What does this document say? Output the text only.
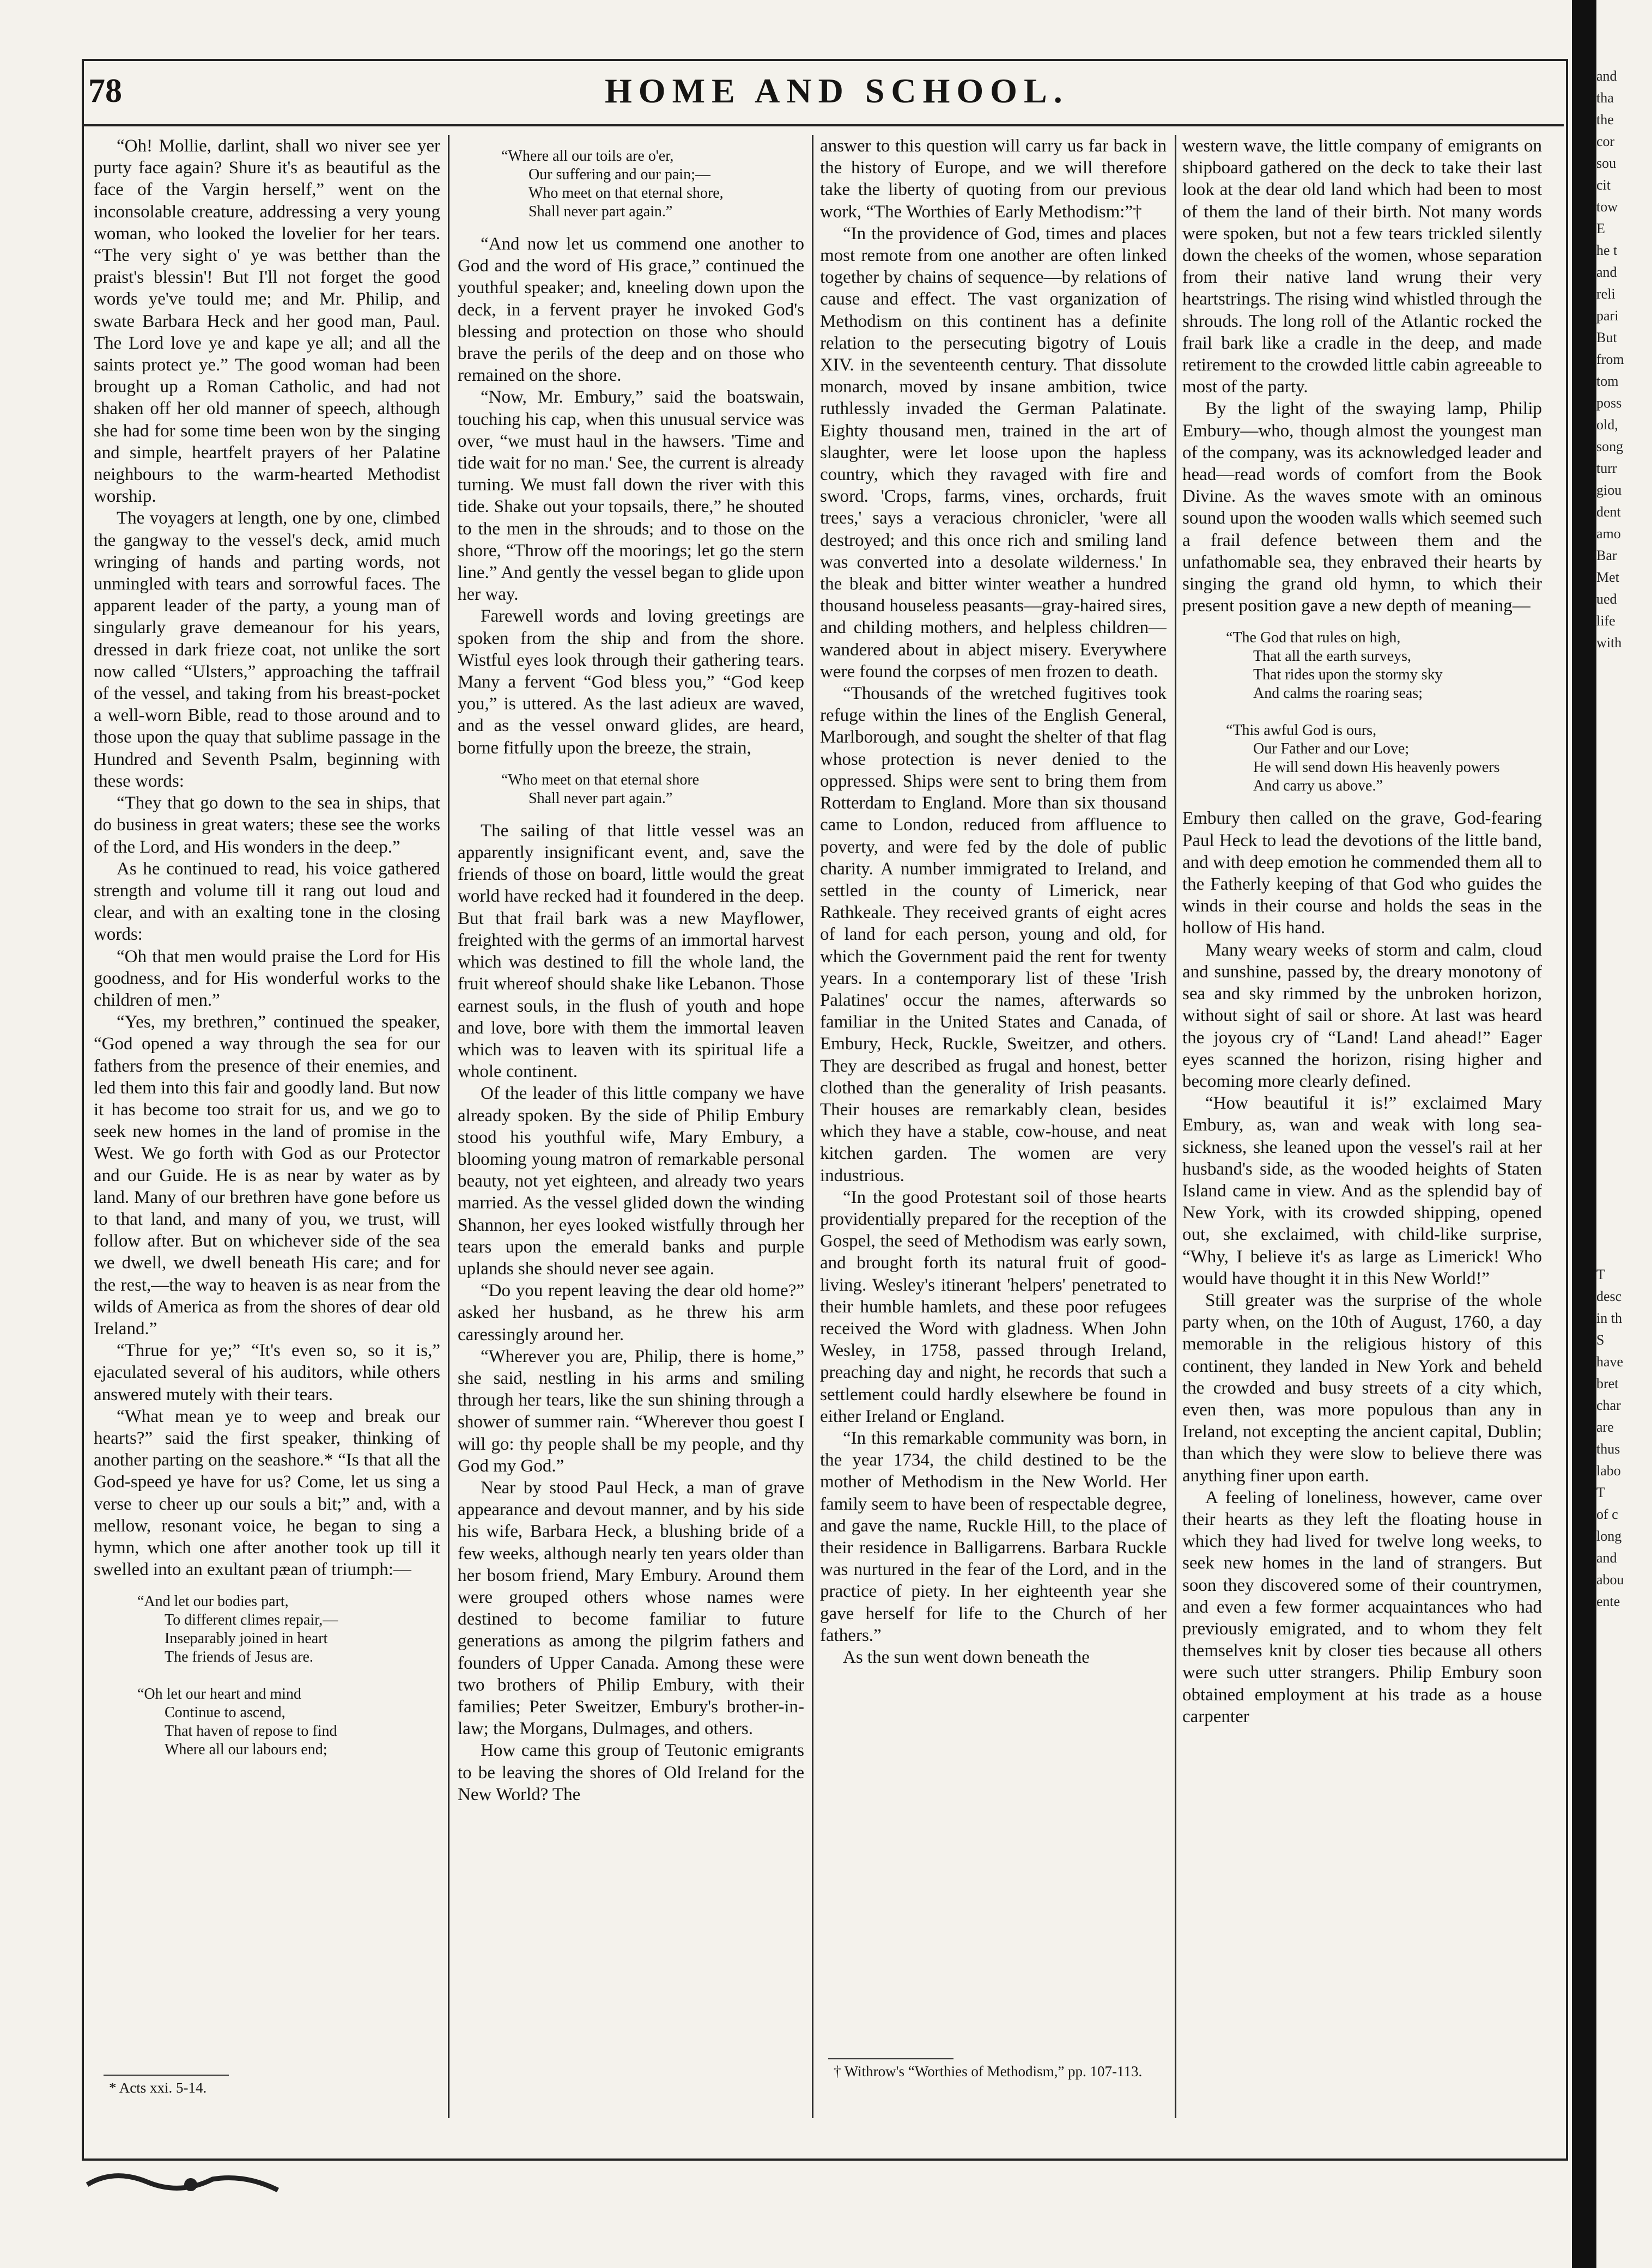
78	HOME AND SCHOOL.

“Oh! Mollie, darlint, shall wo niver see yer purty face again? Shure it's as beautiful as the face of the Vargin herself,” went on the inconsolable creature, addressing a very young woman, who looked the lovelier for her tears. “The very sight o' ye was betther than the praist's blessin'! But I'll not forget the good words ye've tould me; and Mr. Philip, and swate Barbara Heck and her good man, Paul. The Lord love ye and kape ye all; and all the saints protect ye.” The good woman had been brought up a Roman Catholic, and had not shaken off her old manner of speech, although she had for some time been won by the singing and simple, heartfelt prayers of her Palatine neighbours to the warm-hearted Methodist worship.

The voyagers at length, one by one, climbed the gangway to the vessel's deck, amid much wringing of hands and parting words, not unmingled with tears and sorrowful faces. The apparent leader of the party, a young man of singularly grave demeanour for his years, dressed in dark frieze coat, not unlike the sort now called “Ulsters,” approaching the taffrail of the vessel, and taking from his breast-pocket a well-worn Bible, read to those around and to those upon the quay that sublime passage in the Hundred and Seventh Psalm, beginning with these words:

“They that go down to the sea in ships, that do business in great waters; these see the works of the Lord, and His wonders in the deep.”

As he continued to read, his voice gathered strength and volume till it rang out loud and clear, and with an exalting tone in the closing words:

“Oh that men would praise the Lord for His goodness, and for His wonderful works to the children of men.”

“Yes, my brethren,” continued the speaker, “God opened a way through the sea for our fathers from the presence of their enemies, and led them into this fair and goodly land. But now it has become too strait for us, and we go to seek new homes in the land of promise in the West. We go forth with God as our Protector and our Guide. He is as near by water as by land. Many of our brethren have gone before us to that land, and many of you, we trust, will follow after. But on whichever side of the sea we dwell, we dwell beneath His care; and for the rest,—the way to heaven is as near from the wilds of America as from the shores of dear old Ireland.”

“Thrue for ye;” “It's even so, so it is,” ejaculated several of his auditors, while others answered mutely with their tears.

“What mean ye to weep and break our hearts?” said the first speaker, thinking of another parting on the seashore.* “Is that all the God-speed ye have for us? Come, let us sing a verse to cheer up our souls a bit;” and, with a mellow, resonant voice, he began to sing a hymn, which one after another took up till it swelled into an exultant pæan of triumph:—

“And let our bodies part,
To different climes repair,—
Inseparably joined in heart
The friends of Jesus are.

“Oh let our heart and mind
Continue to ascend,
That haven of repose to find
Where all our labours end;
“Where all our toils are o'er,
Our suffering and our pain;—
Who meet on that eternal shore,
Shall never part again.”

“And now let us commend one another to God and the word of His grace,” continued the youthful speaker; and, kneeling down upon the deck, in a fervent prayer he invoked God's blessing and protection on those who should brave the perils of the deep and on those who remained on the shore.

“Now, Mr. Embury,” said the boatswain, touching his cap, when this unusual service was over, “we must haul in the hawsers. 'Time and tide wait for no man.' See, the current is already turning. We must fall down the river with this tide. Shake out your topsails, there,” he shouted to the men in the shrouds; and to those on the shore, “Throw off the moorings; let go the stern line.” And gently the vessel began to glide upon her way.

Farewell words and loving greetings are spoken from the ship and from the shore. Wistful eyes look through their gathering tears. Many a fervent “God bless you,” “God keep you,” is uttered. As the last adieux are waved, and as the vessel onward glides, are heard, borne fitfully upon the breeze, the strain,

“Who meet on that eternal shore
Shall never part again.”

The sailing of that little vessel was an apparently insignificant event, and, save the friends of those on board, little would the great world have recked had it foundered in the deep. But that frail bark was a new Mayflower, freighted with the germs of an immortal harvest which was destined to fill the whole land, the fruit whereof should shake like Lebanon. Those earnest souls, in the flush of youth and hope and love, bore with them the immortal leaven which was to leaven with its spiritual life a whole continent.

Of the leader of this little company we have already spoken. By the side of Philip Embury stood his youthful wife, Mary Embury, a blooming young matron of remarkable personal beauty, not yet eighteen, and already two years married. As the vessel glided down the winding Shannon, her eyes looked wistfully through her tears upon the emerald banks and purple uplands she should never see again.

“Do you repent leaving the dear old home?” asked her husband, as he threw his arm caressingly around her.

“Wherever you are, Philip, there is home,” she said, nestling in his arms and smiling through her tears, like the sun shining through a shower of summer rain. “Wherever thou goest I will go: thy people shall be my people, and thy God my God.”

Near by stood Paul Heck, a man of grave appearance and devout manner, and by his side his wife, Barbara Heck, a blushing bride of a few weeks, although nearly ten years older than her bosom friend, Mary Embury. Around them were grouped others whose names were destined to become familiar to future generations as among the pilgrim fathers and founders of Upper Canada. Among these were two brothers of Philip Embury, with their families; Peter Sweitzer, Embury's brother-in-law; the Morgans, Dulmages, and others.

How came this group of Teutonic emigrants to be leaving the shores of Old Ireland for the New World? The

answer to this question will carry us far back in the history of Europe, and we will therefore take the liberty of quoting from our previous work, “The Worthies of Early Methodism:”†

“In the providence of God, times and places most remote from one another are often linked together by chains of sequence—by relations of cause and effect. The vast organization of Methodism on this continent has a definite relation to the persecuting bigotry of Louis XIV. in the seventeenth century. That dissolute monarch, moved by insane ambition, twice ruthlessly invaded the German Palatinate. Eighty thousand men, trained in the art of slaughter, were let loose upon the hapless country, which they ravaged with fire and sword. 'Crops, farms, vines, orchards, fruit trees,' says a veracious chronicler, 'were all destroyed; and this once rich and smiling land was converted into a desolate wilderness.' In the bleak and bitter winter weather a hundred thousand houseless peasants—gray-haired sires, and childing mothers, and helpless children—wandered about in abject misery. Everywhere were found the corpses of men frozen to death.

“Thousands of the wretched fugitives took refuge within the lines of the English General, Marlborough, and sought the shelter of that flag whose protection is never denied to the oppressed. Ships were sent to bring them from Rotterdam to England. More than six thousand came to London, reduced from affluence to poverty, and were fed by the dole of public charity. A number immigrated to Ireland, and settled in the county of Limerick, near Rathkeale. They received grants of eight acres of land for each person, young and old, for which the Government paid the rent for twenty years. In a contemporary list of these 'Irish Palatines' occur the names, afterwards so familiar in the United States and Canada, of Embury, Heck, Ruckle, Sweitzer, and others. They are described as frugal and honest, better clothed than the generality of Irish peasants. Their houses are remarkably clean, besides which they have a stable, cow-house, and neat kitchen garden. The women are very industrious.

“In the good Protestant soil of those hearts providentially prepared for the reception of the Gospel, the seed of Methodism was early sown, and brought forth its natural fruit of good-living. Wesley's itinerant 'helpers' penetrated to their humble hamlets, and these poor refugees received the Word with gladness. When John Wesley, in 1758, passed through Ireland, preaching day and night, he records that such a settlement could hardly elsewhere be found in either Ireland or England.

“In this remarkable community was born, in the year 1734, the child destined to be the mother of Methodism in the New World. Her family seem to have been of respectable degree, and gave the name, Ruckle Hill, to the place of their residence in Balligarrens. Barbara Ruckle was nurtured in the fear of the Lord, and in the practice of piety. In her eighteenth year she gave herself for life to the Church of her fathers.”

As the sun went down beneath the

western wave, the little company of emigrants on shipboard gathered on the deck to take their last look at the dear old land which had been to most of them the land of their birth. Not many words were spoken, but not a few tears trickled silently down the cheeks of the women, whose separation from their native land wrung their very heartstrings. The rising wind whistled through the shrouds. The long roll of the Atlantic rocked the frail bark like a cradle in the deep, and made retirement to the crowded little cabin agreeable to most of the party.

By the light of the swaying lamp, Philip Embury—who, though almost the youngest man of the company, was its acknowledged leader and head—read words of comfort from the Book Divine. As the waves smote with an ominous sound upon the wooden walls which seemed such a frail defence between them and the unfathomable sea, they enbraved their hearts by singing the grand old hymn, to which their present position gave a new depth of meaning—

“The God that rules on high,
That all the earth surveys,
That rides upon the stormy sky
And calms the roaring seas;

“This awful God is ours,
Our Father and our Love;
He will send down His heavenly powers
And carry us above.”

Embury then called on the grave, God-fearing Paul Heck to lead the devotions of the little band, and with deep emotion he commended them all to the Fatherly keeping of that God who guides the winds in their course and holds the seas in the hollow of His hand.

Many weary weeks of storm and calm, cloud and sunshine, passed by, the dreary monotony of sea and sky rimmed by the unbroken horizon, without sight of sail or shore. At last was heard the joyous cry of “Land! Land ahead!” Eager eyes scanned the horizon, rising higher and becoming more clearly defined.

“How beautiful it is!” exclaimed Mary Embury, as, wan and weak with long sea-sickness, she leaned upon the vessel's rail at her husband's side, as the wooded heights of Staten Island came in view. And as the splendid bay of New York, with its crowded shipping, opened out, she exclaimed, with child-like surprise, “Why, I believe it's as large as Limerick! Who would have thought it in this New World!”

Still greater was the surprise of the whole party when, on the 10th of August, 1760, a day memorable in the religious history of this continent, they landed in New York and beheld the crowded and busy streets of a city which, even then, was more populous than any in Ireland, not excepting the ancient capital, Dublin; than which they were slow to believe there was anything finer upon earth.

A feeling of loneliness, however, came over their hearts as they left the floating house in which they had lived for twelve long weeks, to seek new homes in the land of strangers. But soon they discovered some of their countrymen, and even a few former acquaintances who had previously emigrated, and to whom they felt themselves knit by closer ties because all others were such utter strangers. Philip Embury soon obtained employment at his trade as a house carpenter

* Acts xxi. 5-14.
† Withrow's “Worthies of Methodism,” pp. 107-113.
and
tha
the
cor
sou
cit
tow
E
he t
and
reli
pari
But
from
tom
poss
old,
song
turr
giou
dent
amo
Bar
Met
ued
life
with

T
desc
in th
S
have
bret
char
are
thus
labo
T
of c
long
and
abou
ente
